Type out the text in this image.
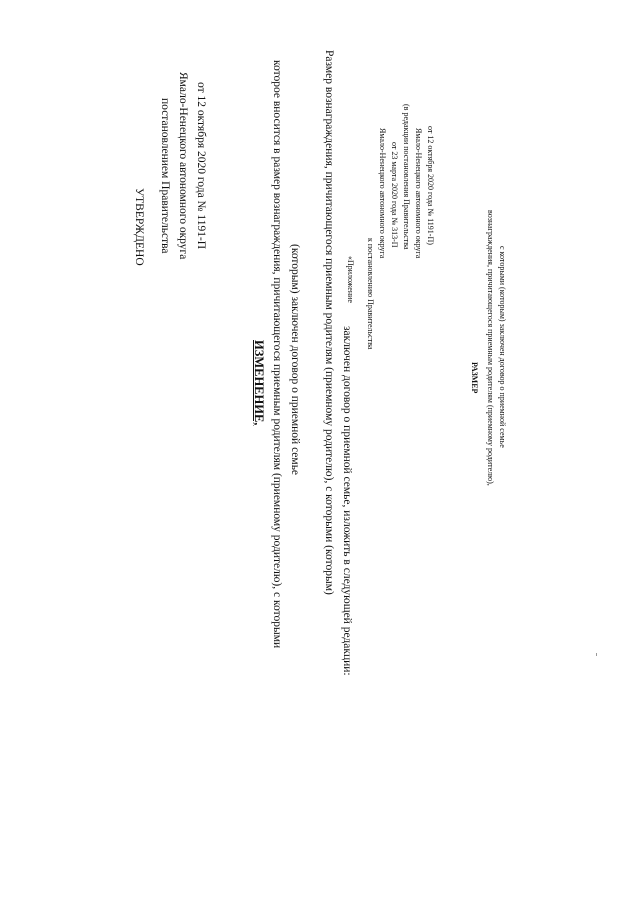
УТВЕРЖДЕНО постановлением Правительства Ямало-Ненецкого автономного округа от 12 октября 2020 года № 1191-П
ИЗМЕНЕНИЕ, которое вносится в размер вознаграждения, причитающегося приемным родителям (приемному родителю), с которыми (которым) заключен договор о приемной семье Размер вознаграждения, причитающегося приемным родителям (приемному родителю), с которыми (которым) заключен договор о приемной семье, изложить в следующей редакции:
«Приложение к постановлению Правительства
Ямало-Ненецкого автономного округа от 23 марта 2020 года № 313-П (в редакции постановления Правительства Ямало-Ненецкого автономного округа от 12 октября 2020 года № 1191-П)
РАЗМЕР вознаграждения, причитающегося приемным родителям (приемному родителю), с которыми (которым) заключен договор о приемной семье
